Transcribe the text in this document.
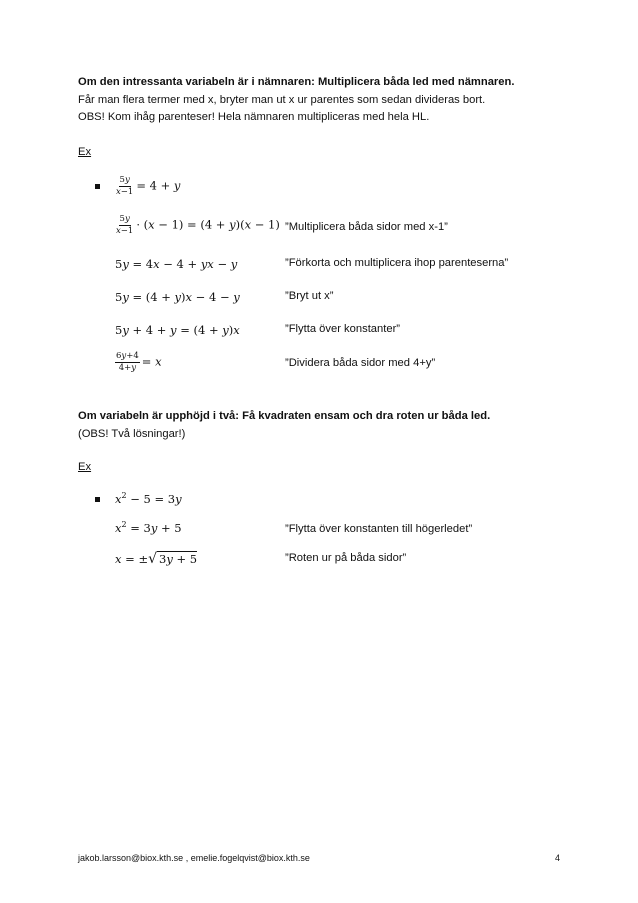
Om den intressanta variabeln är i nämnaren: Multiplicera båda led med nämnaren.
Får man flera termer med x, bryter man ut x ur parentes som sedan divideras bort.
OBS! Kom ihåg parenteser! Hela nämnaren multipliceras med hela HL.
Ex
$\frac{5y}{x-1} = 4 + y$
$\frac{5y}{x-1} \cdot (x - 1) = (4 + y)(x - 1)$ ”Multiplicera båda sidor med x-1”
5y = 4x − 4 + yx − y	”Förkorta och multiplicera ihop parenteserna”
5y = (4 + y)x − 4 − y	”Bryt ut x”
5y + 4 + y = (4 + y)x	”Flytta över konstanter”
$\frac{6y+4}{4+y} = x$	”Dividera båda sidor med 4+y”
Om variabeln är upphöjd i två: Få kvadraten ensam och dra roten ur båda led.
(OBS! Två lösningar!)
Ex
$x^2 - 5 = 3y$
$x^2 = 3y + 5$	”Flytta över konstanten till högerledet”
x = ±√ 3y + 5	”Roten ur på båda sidor”
jakob.larsson@biox.kth.se , emelie.fogelqvist@biox.kth.se	4
